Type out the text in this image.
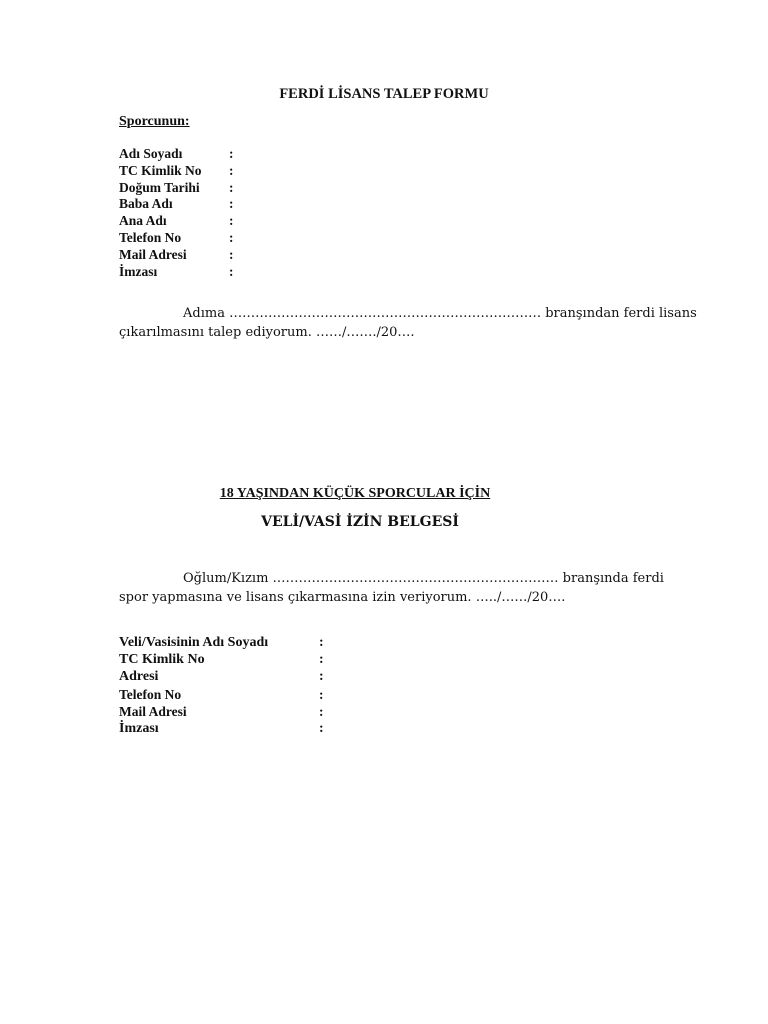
FERDİ LİSANS TALEP FORMU
Sporcunun:
Adı Soyadı	:
TC Kimlik No :
Doğum Tarihi :
Baba Adı	:
Ana Adı	:
Telefon No	:
Mail Adresi	:
İmzası	:
Adıma ……………………………………………………………… branşından ferdi lisans
çıkarılmasını talep ediyorum. ……/……./20….
18 YAŞINDAN KÜÇÜK SPORCULAR İÇİN
VELİ/VASİ İZİN BELGESİ
Oğlum/Kızım ………………………………………………………… branşında ferdi
spor yapmasına ve lisans çıkarmasına izin veriyorum. …../……/20….
Veli/Vasisinin Adı Soyadı	:
TC Kimlik No	:
Adresi	:
Telefon No	:
Mail Adresi	:
İmzası	:
